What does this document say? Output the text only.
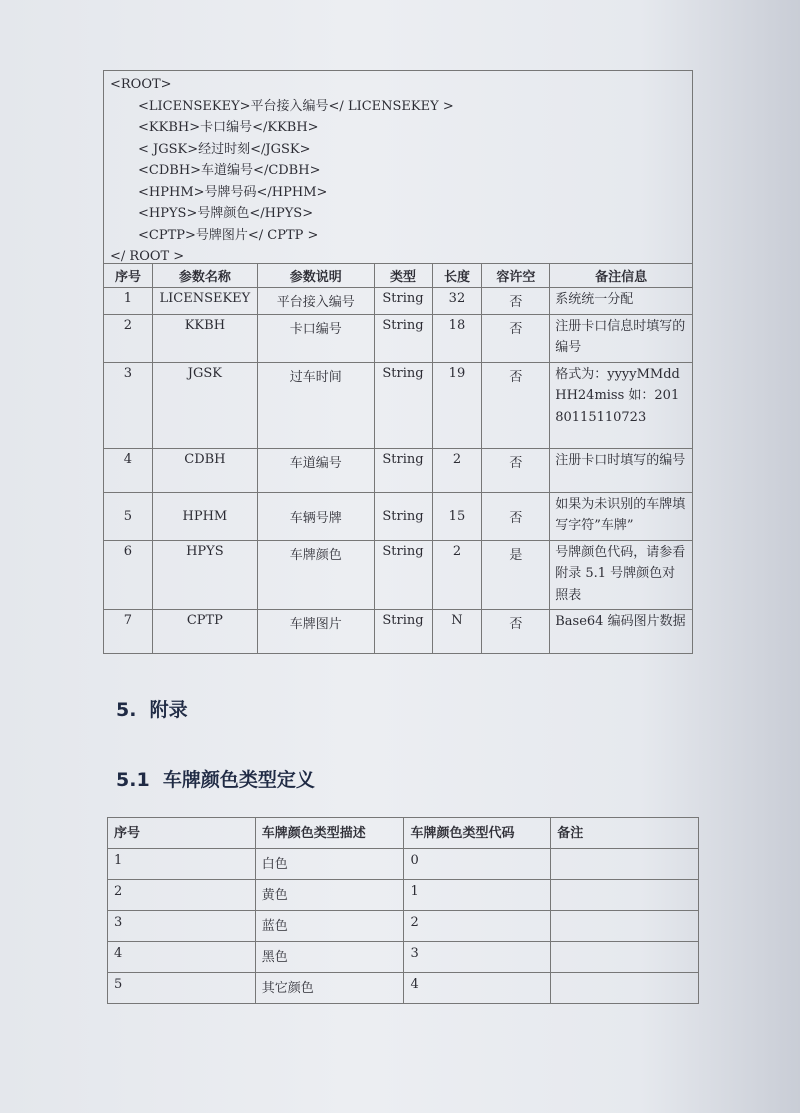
<ROOT>
<LICENSEKEY>平台接入编号</ LICENSEKEY >
<KKBH>卡口编号</KKBH>
< JGSK>经过时刻</JGSK>
<CDBH>车道编号</CDBH>
<HPHM>号牌号码</HPHM>
<HPYS>号牌颜色</HPYS>
<CPTP>号牌图片</ CPTP >
</ ROOT >
序号	参数名称	参数说明	类型	长度	容许空	备注信息
1	LICENSEKEY	平台接入编号	String	32	否	系统统一分配
2	KKBH	卡口编号	String	18	否	注册卡口信息时填写的编号
3	JGSK	过车时间	String	19	否	格式为：yyyyMMddHH24miss 如：20180115110723
4	CDBH	车道编号	String	2	否	注册卡口时填写的编号
5	HPHM	车辆号牌	String	15	否	如果为未识别的车牌填写字符”车牌”
6	HPYS	车牌颜色	String	2	是	号牌颜色代码，请参看附录 5.1 号牌颜色对照表
7	CPTP	车牌图片	String	N	否	Base64 编码图片数据
5.  附录
5.1  车牌颜色类型定义
序号	车牌颜色类型描述	车牌颜色类型代码	备注
1	白色	0	
2	黄色	1	
3	蓝色	2	
4	黑色	3	
5	其它颜色	4	
